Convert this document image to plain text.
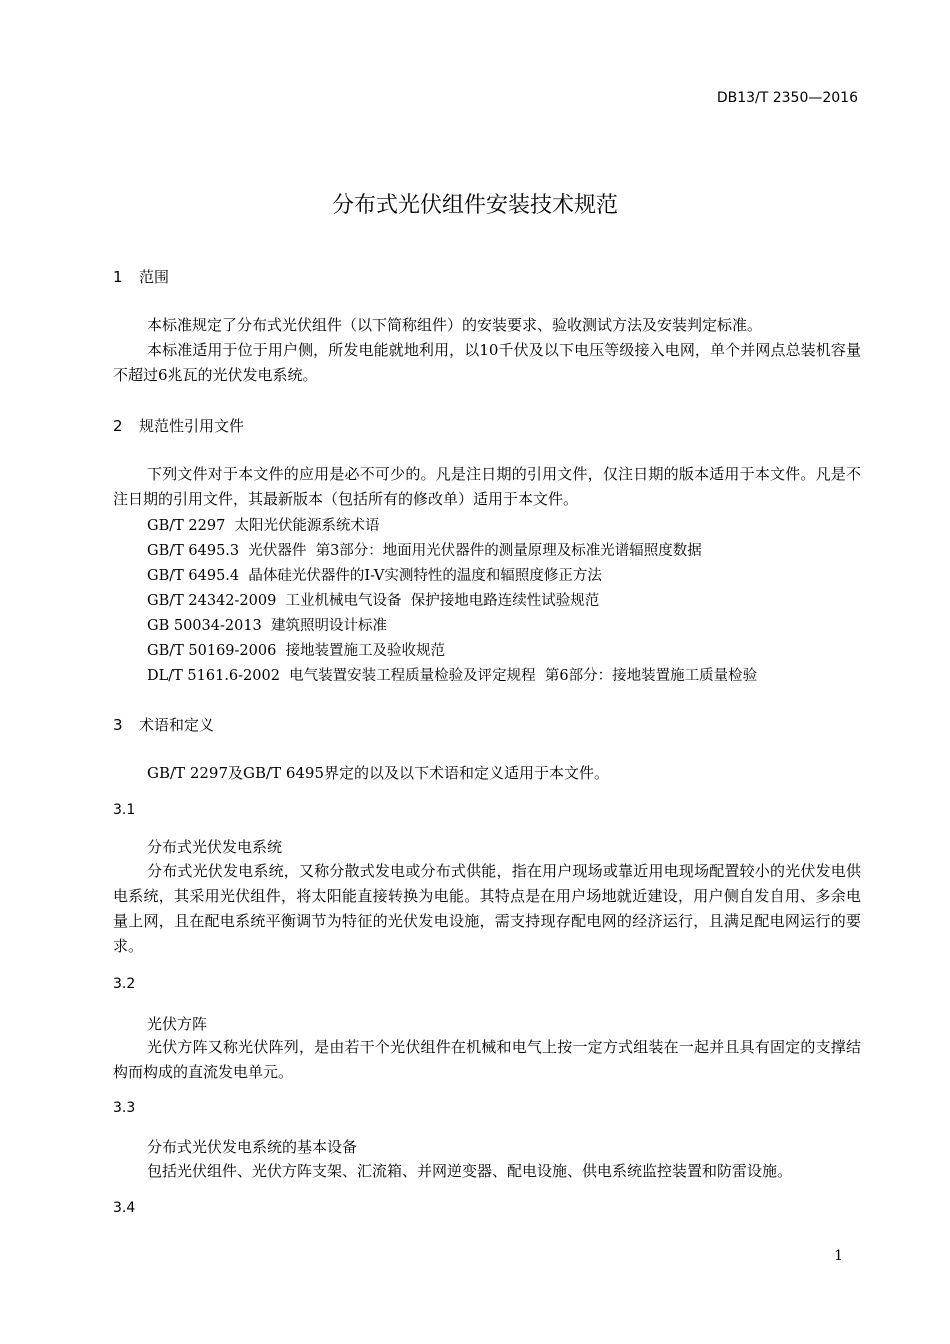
DB13/T 2350—2016
分布式光伏组件安装技术规范
1 范围

本标准规定了分布式光伏组件（以下简称组件）的安装要求、验收测试方法及安装判定标准。

本标准适用于位于用户侧，所发电能就地利用，以10千伏及以下电压等级接入电网，单个并网点总装机容量不超过6兆瓦的光伏发电系统。

2 规范性引用文件

下列文件对于本文件的应用是必不可少的。凡是注日期的引用文件，仅注日期的版本适用于本文件。凡是不注日期的引用文件，其最新版本（包括所有的修改单）适用于本文件。

GB/T 2297  太阳光伏能源系统术语
GB/T 6495.3  光伏器件  第3部分：地面用光伏器件的测量原理及标准光谱辐照度数据
GB/T 6495.4  晶体硅光伏器件的I-V实测特性的温度和辐照度修正方法
GB/T 24342-2009  工业机械电气设备  保护接地电路连续性试验规范
GB 50034-2013  建筑照明设计标准
GB/T 50169-2006  接地装置施工及验收规范
DL/T 5161.6-2002  电气装置安装工程质量检验及评定规程  第6部分：接地装置施工质量检验
3 术语和定义

GB/T 2297及GB/T 6495界定的以及以下术语和定义适用于本文件。

3.1
分布式光伏发电系统

分布式光伏发电系统，又称分散式发电或分布式供能，指在用户现场或靠近用电现场配置较小的光伏发电供电系统，其采用光伏组件，将太阳能直接转换为电能。其特点是在用户场地就近建设，用户侧自发自用、多余电量上网，且在配电系统平衡调节为特征的光伏发电设施，需支持现存配电网的经济运行，且满足配电网运行的要求。

3.2
光伏方阵

光伏方阵又称光伏阵列，是由若干个光伏组件在机械和电气上按一定方式组装在一起并且具有固定的支撑结构而构成的直流发电单元。

3.3
分布式光伏发电系统的基本设备

包括光伏组件、光伏方阵支架、汇流箱、并网逆变器、配电设施、供电系统监控装置和防雷设施。

3.4
1
